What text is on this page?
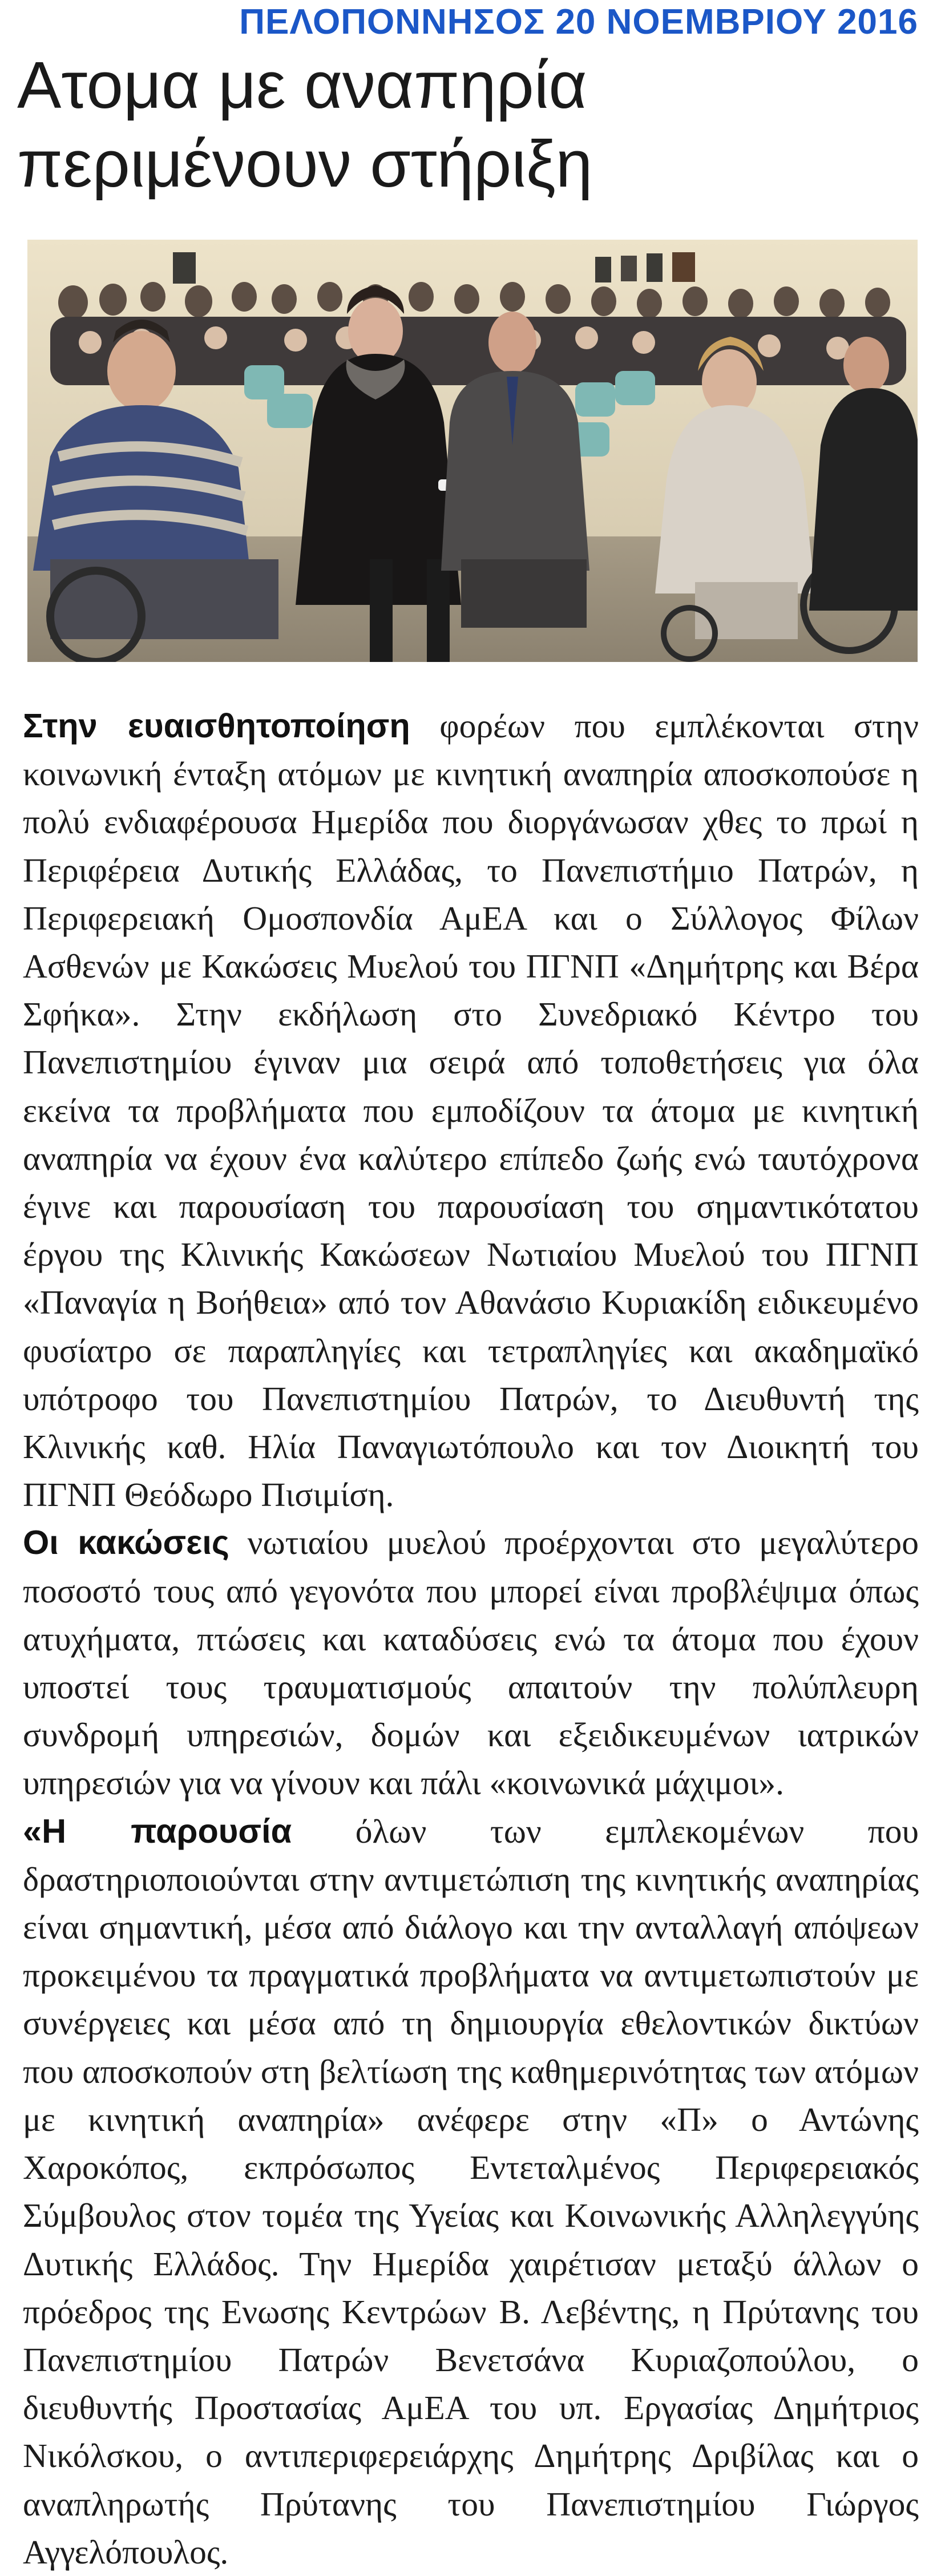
ΠΕΛΟΠΟΝΝΗΣΟΣ 20 ΝΟΕΜΒΡΙΟΥ 2016
Ατομα με αναπηρία
περιμένουν στήριξη

Στην ευαισθητοποίηση φορέων που εμπλέκονται στην κοινωνική ένταξη ατόμων με κινητική αναπηρία αποσκοπούσε η πολύ ενδιαφέρουσα Ημερίδα που διοργάνωσαν χθες το πρωί η Περιφέρεια Δυτικής Ελλάδας, το Πανεπιστήμιο Πατρών, η Περιφερειακή Ομοσπονδία ΑμΕΑ και ο Σύλλογος Φίλων Ασθενών με Κακώσεις Μυελού του ΠΓΝΠ «Δημήτρης και Βέρα Σφήκα». Στην εκδήλωση στο Συνεδριακό Κέντρο του Πανεπιστημίου έγιναν μια σειρά από τοποθετήσεις για όλα εκείνα τα προβλήματα που εμποδίζουν τα άτομα με κινητική αναπηρία να έχουν ένα καλύτερο επίπεδο ζωής ενώ ταυτόχρονα έγινε και παρουσίαση του παρουσίαση του σημαντικότατου έργου της Κλινικής Κακώσεων Νωτιαίου Μυελού του ΠΓΝΠ «Παναγία η Βοήθεια» από τον Αθανάσιο Κυριακίδη ειδικευμένο φυσίατρο σε παραπληγίες και τετραπληγίες και ακαδημαϊκό υπότροφο του Πανεπιστημίου Πατρών, το Διευθυντή της Κλινικής καθ. Ηλία Παναγιωτόπουλο και τον Διοικητή του ΠΓΝΠ Θεόδωρο Πισιμίση.

Οι κακώσεις νωτιαίου μυελού προέρχονται στο μεγαλύτερο ποσοστό τους από γεγονότα που μπορεί είναι προβλέψιμα όπως ατυχήματα, πτώσεις και καταδύσεις ενώ τα άτομα που έχουν υποστεί τους τραυματισμούς απαιτούν την πολύπλευρη συνδρομή υπηρεσιών, δομών και εξειδικευμένων ιατρικών υπηρεσιών για να γίνουν και πάλι «κοινωνικά μάχιμοι».

«Η παρουσία όλων των εμπλεκομένων που δραστηριοποιούνται στην αντιμετώπιση της κινητικής αναπηρίας είναι σημαντική, μέσα από διάλογο και την ανταλλαγή απόψεων προκειμένου τα πραγματικά προβλήματα να αντιμετωπιστούν με συνέργειες και μέσα από τη δημιουργία εθελοντικών δικτύων που αποσκοπούν στη βελτίωση της καθημερινότητας των ατόμων με κινητική αναπηρία» ανέφερε στην «Π» ο Αντώνης Χαροκόπος, εκπρόσωπος Εντεταλμένος Περιφερειακός Σύμβουλος στον τομέα της Υγείας και Κοινωνικής Αλληλεγγύης Δυτικής Ελλάδος. Την Ημερίδα χαιρέτισαν μεταξύ άλλων ο πρόεδρος της Ενωσης Κεντρώων Β. Λεβέντης, η Πρύτανης του Πανεπιστημίου Πατρών Βενετσάνα Κυριαζοπούλου, ο διευθυντής Προστασίας ΑμΕΑ του υπ. Εργασίας Δημήτριος Νικόλσκου, ο αντιπεριφερειάρχης Δημήτρης Δριβίλας και ο αναπληρωτής Πρύτανης του Πανεπιστημίου Γιώργος Αγγελόπουλος.
